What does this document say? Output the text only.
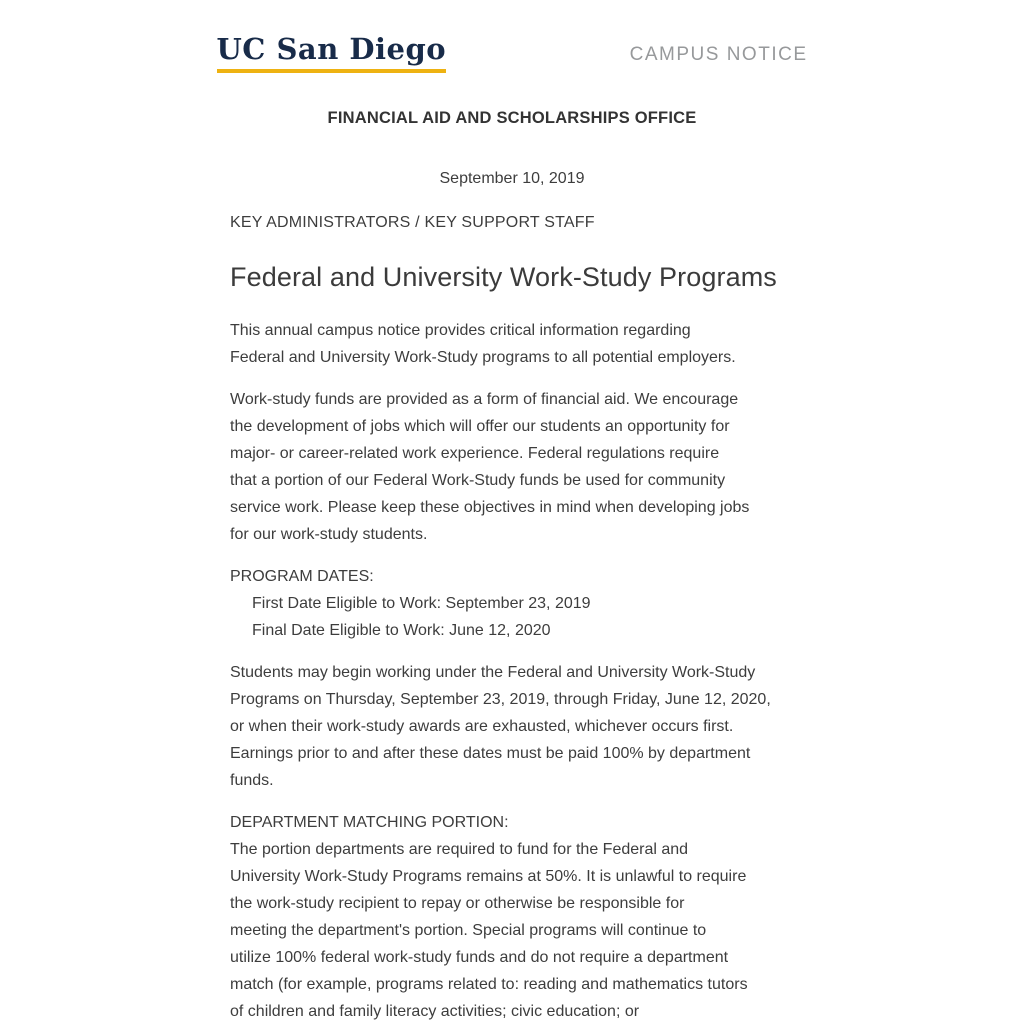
UC San Diego	CAMPUS NOTICE
FINANCIAL AID AND SCHOLARSHIPS OFFICE
September 10, 2019
KEY ADMINISTRATORS / KEY SUPPORT STAFF
Federal and University Work-Study Programs
This annual campus notice provides critical information regarding
Federal and University Work-Study programs to all potential employers.
Work-study funds are provided as a form of financial aid. We encourage
the development of jobs which will offer our students an opportunity for
major- or career-related work experience. Federal regulations require
that a portion of our Federal Work-Study funds be used for community
service work. Please keep these objectives in mind when developing jobs
for our work-study students.
PROGRAM DATES:
First Date Eligible to Work: September 23, 2019
Final Date Eligible to Work: June 12, 2020
Students may begin working under the Federal and University Work-Study
Programs on Thursday, September 23, 2019, through Friday, June 12, 2020,
or when their work-study awards are exhausted, whichever occurs first.
Earnings prior to and after these dates must be paid 100% by department
funds.
DEPARTMENT MATCHING PORTION:
The portion departments are required to fund for the Federal and
University Work-Study Programs remains at 50%. It is unlawful to require
the work-study recipient to repay or otherwise be responsible for
meeting the department's portion. Special programs will continue to
utilize 100% federal work-study funds and do not require a department
match (for example, programs related to: reading and mathematics tutors
of children and family literacy activities; civic education; or
